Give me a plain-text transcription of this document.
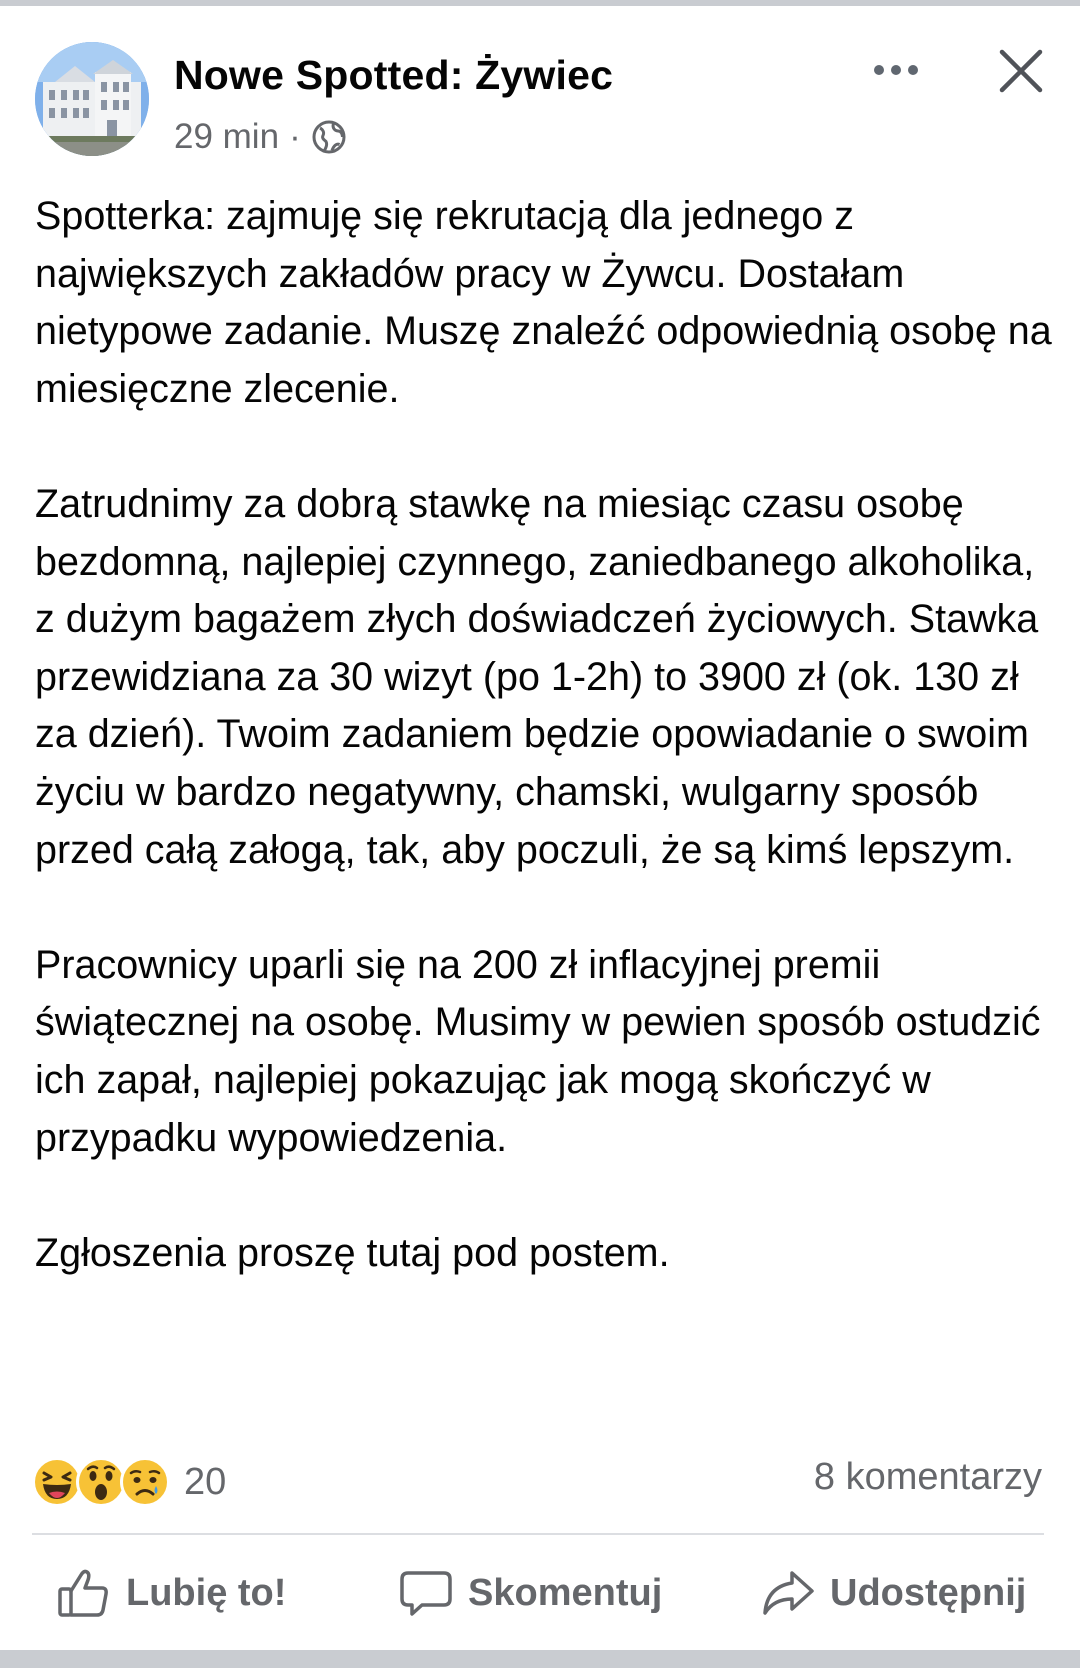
Nowe Spotted: Żywiec
29 min ·

Spotterka: zajmuję się rekrutacją dla jednego z największych zakładów pracy w Żywcu. Dostałam nietypowe zadanie. Muszę znaleźć odpowiednią osobę na miesięczne zlecenie.

Zatrudnimy za dobrą stawkę na miesiąc czasu osobę bezdomną, najlepiej czynnego, zaniedbanego alkoholika, z dużym bagażem złych doświadczeń życiowych. Stawka przewidziana za 30 wizyt (po 1-2h) to 3900 zł (ok. 130 zł za dzień). Twoim zadaniem będzie opowiadanie o swoim życiu w bardzo negatywny, chamski, wulgarny sposób przed całą załogą, tak, aby poczuli, że są kimś lepszym.

Pracownicy uparli się na 200 zł inflacyjnej premii świątecznej na osobę. Musimy w pewien sposób ostudzić ich zapał, najlepiej pokazując jak mogą skończyć w przypadku wypowiedzenia.

Zgłoszenia proszę tutaj pod postem.

20	8 komentarzy
Lubię to!	Skomentuj	Udostępnij
